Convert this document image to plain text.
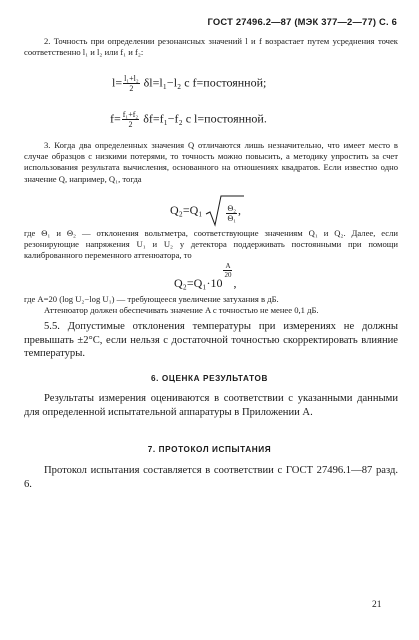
ГОСТ 27496.2—87 (МЭК 377—2—77) С. 6
2. Точность при определении резонансных значений l и f возрастает путем усреднения точек соответственно l₁ и l₂ или f₁ и f₂:
$l= \frac{\text{l₁+l₂}}{2} \delta l=l_1-l_2$ с f=постоянной;
$f= \frac{\text{f₁+f₂}}{2} \delta f=f_1-f_2$ с l=постоянной.
3. Когда два определенных значения Q отличаются лишь незначительно, что имеет место в случае образцов с низкими потерями, то точность можно повысить, а методику упростить за счет использования результата вычисления, основанного на отношениях квадратов. Если известно одно значение Q, например, Q₁, тогда
Q₂=Q₁	$\frac{\text{Θ₂}}{\text{Θ₁}}$ ,
где Θ₁ и Θ₂ — отклонения вольтметра, соответствующие значениям Q₁ и Q₂. Далее, если резонирующие напряжения U₁ и U₂ у детектора поддерживать постоянными при помощи калиброванного переменного аттенюатора, то
Q₂=Q₁·10
$\frac{A}{20}$
,
где A=20 (log U₂−log U₁) — требующееся увеличение затухания в дБ.
Аттенюатор должен обеспечивать значение A с точностью не менее 0,1 дБ.
5.5. Допустимые отклонения температуры при измерениях не должны превышать ±2°С, если нельзя с достаточной точностью скорректировать влияние температуры.
6. ОЦЕНКА РЕЗУЛЬТАТОВ
Результаты измерения оцениваются в соответствии с указанными данными для определенной испытательной аппаратуры в Приложении А.
7. ПРОТОКОЛ ИСПЫТАНИЯ
Протокол испытания составляется в соответствии с ГОСТ 27496.1—87 разд. 6.
21
